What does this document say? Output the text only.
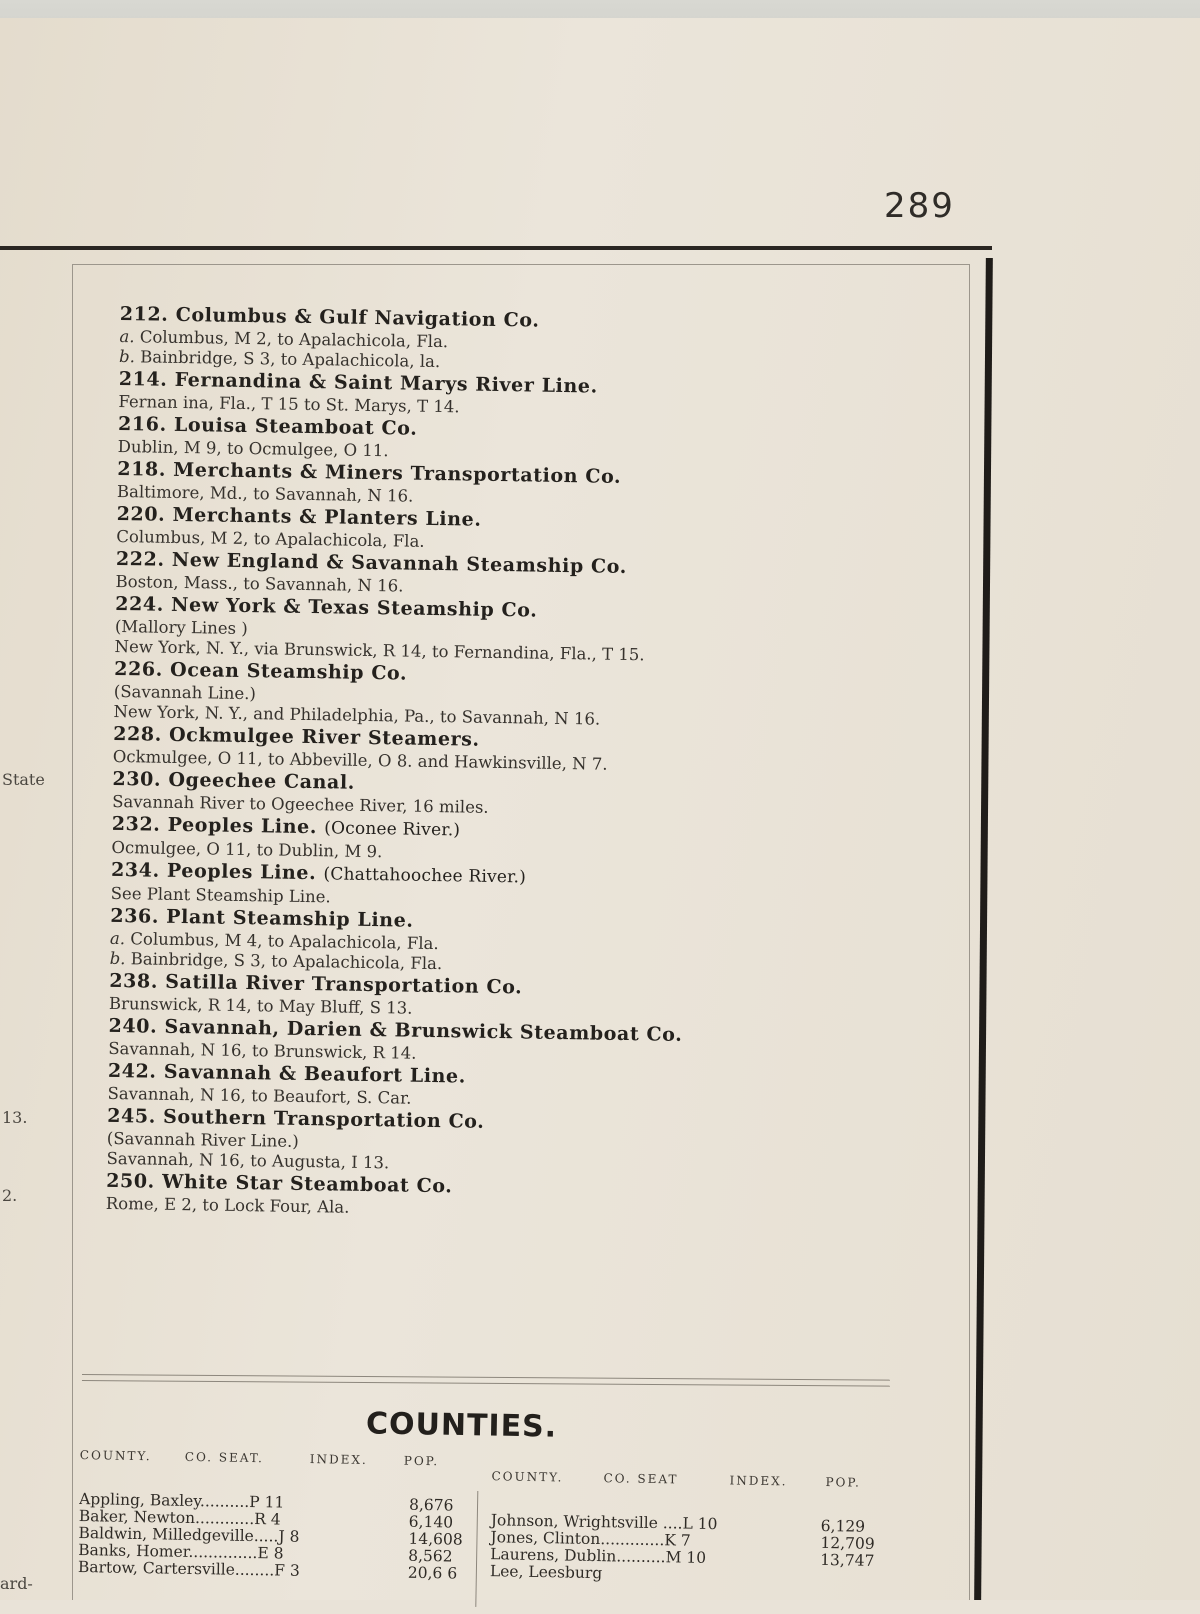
289
State
13.
2.
ard-
212. Columbus & Gulf Navigation Co.
a. Columbus, M 2, to Apalachicola, Fla.
b. Bainbridge, S 3, to Apalachicola, la.
214. Fernandina & Saint Marys River Line.
Fernan ina, Fla., T 15 to St. Marys, T 14.
216. Louisa Steamboat Co.
Dublin, M 9, to Ocmulgee, O 11.
218. Merchants & Miners Transportation Co.
Baltimore, Md., to Savannah, N 16.
220. Merchants & Planters Line.
Columbus, M 2, to Apalachicola, Fla.
222. New England & Savannah Steamship Co.
Boston, Mass., to Savannah, N 16.
224. New York & Texas Steamship Co.
(Mallory Lines )
New York, N. Y., via Brunswick, R 14, to Fernandina, Fla., T 15.
226. Ocean Steamship Co.
(Savannah Line.)
New York, N. Y., and Philadelphia, Pa., to Savannah, N 16.
228. Ockmulgee River Steamers.
Ockmulgee, O 11, to Abbeville, O 8. and Hawkinsville, N 7.
230. Ogeechee Canal.
Savannah River to Ogeechee River, 16 miles.
232. Peoples Line. (Oconee River.)
Ocmulgee, O 11, to Dublin, M 9.
234. Peoples Line. (Chattahoochee River.)
See Plant Steamship Line.
236. Plant Steamship Line.
a. Columbus, M 4, to Apalachicola, Fla.
b. Bainbridge, S 3, to Apalachicola, Fla.
238. Satilla River Transportation Co.
Brunswick, R 14, to May Bluff, S 13.
240. Savannah, Darien & Brunswick Steamboat Co.
Savannah, N 16, to Brunswick, R 14.
242. Savannah & Beaufort Line.
Savannah, N 16, to Beaufort, S. Car.
245. Southern Transportation Co.
(Savannah River Line.)
Savannah, N 16, to Augusta, I 13.
250. White Star Steamboat Co.
Rome, E 2, to Lock Four, Ala.
COUNTIES.
COUNTY.	CO. SEAT.	INDEX.	POP.
Appling, Baxley..........P 11	8,676
Baker, Newton............R 4	6,140
Baldwin, Milledgeville.....J 8	14,608
Banks, Homer..............E 8	8,562
Bartow, Cartersville........F 3	20,6 6
COUNTY.	CO. SEAT	INDEX.	POP.
Johnson, Wrightsville ....L 10	6,129
Jones, Clinton.............K 7	12,709
Laurens, Dublin..........M 10	13,747
Lee, Leesburg
